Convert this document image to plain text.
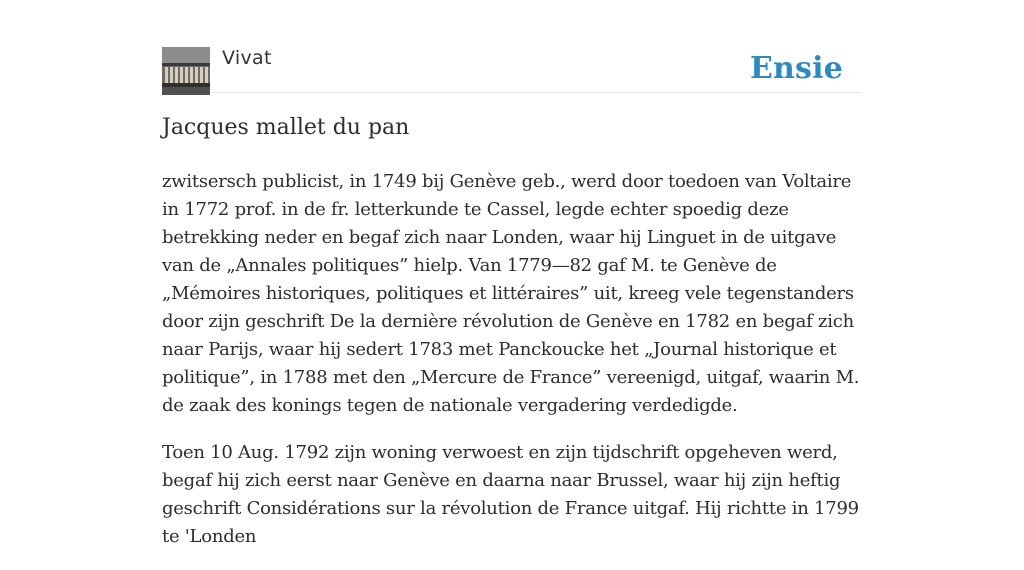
Vivat	Ensie
Jacques mallet du pan

zwitsersch publicist, in 1749 bij Genève geb., werd door toedoen van Voltaire in 1772 prof. in de fr. letterkunde te Cassel, legde echter spoedig deze betrekking neder en begaf zich naar Londen, waar hij Linguet in de uitgave van de „Annales politiques” hielp. Van 1779—82 gaf M. te Genève de „Mémoires historiques, politiques et littéraires” uit, kreeg vele tegenstanders door zijn geschrift De la dernière révolution de Genève en 1782 en begaf zich naar Parijs, waar hij sedert 1783 met Panckoucke het „Journal historique et politique”, in 1788 met den „Mercure de France” vereenigd, uitgaf, waarin M. de zaak des konings tegen de nationale vergadering verdedigde.

Toen 10 Aug. 1792 zijn woning verwoest en zijn tijdschrift opgeheven werd, begaf hij zich eerst naar Genève en daarna naar Brussel, waar hij zijn heftig geschrift Considérations sur la révolution de France uitgaf. Hij richtte in 1799 te 'Londen
